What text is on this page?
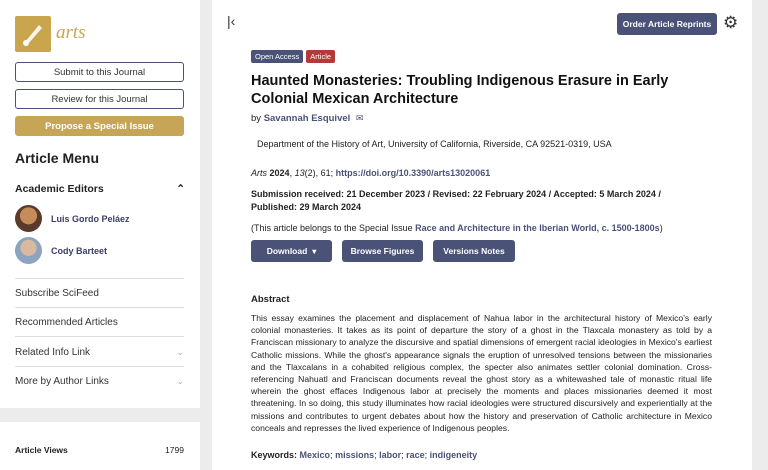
arts
Submit to this Journal
Review for this Journal
Propose a Special Issue
Article Menu
Academic Editors	⌃
Luis Gordo Peláez
Cody Barteet
Subscribe SciFeed
Recommended Articles
Related Info Link	⌄
More by Author Links	⌄
Article Views	1799
|‹	Order Article Reprints ⚙
Open Access	Article
Haunted Monasteries: Troubling Indigenous Erasure in Early Colonial Mexican Architecture
by Savannah Esquivel ✉
Department of the History of Art, University of California, Riverside, CA 92521-0319, USA
Arts 2024, 13(2), 61; https://doi.org/10.3390/arts13020061
Submission received: 21 December 2023 / Revised: 22 February 2024 / Accepted: 5 March 2024 / Published: 29 March 2024
(This article belongs to the Special Issue Race and Architecture in the Iberian World, c. 1500-1800s)
Download ▾	Browse Figures	Versions Notes
Abstract
This essay examines the placement and displacement of Nahua labor in the architectural history of Mexico's early colonial monasteries. It takes as its point of departure the story of a ghost in the Tlaxcala monastery as told by a Franciscan missionary to analyze the discursive and spatial dimensions of emergent racial ideologies in Mexico's earliest Catholic missions. While the ghost's appearance signals the eruption of unresolved tensions between the missionaries and the Tlaxcalans in a cohabited religious complex, the specter also animates settler colonial domination. Cross-referencing Nahuatl and Franciscan documents reveal the ghost story as a whitewashed tale of monastic ritual life wherein the ghost effaces Indigenous labor at precisely the moments and places missionaries deemed it most threatening. In so doing, this study illuminates how racial ideologies were structured discursively and experientially at the missions and contributes to urgent debates about how the history and preservation of Catholic architecture in Mexico conceals and represses the lived experience of Indigenous peoples.
Keywords: Mexico; missions; labor; race; indigeneity
